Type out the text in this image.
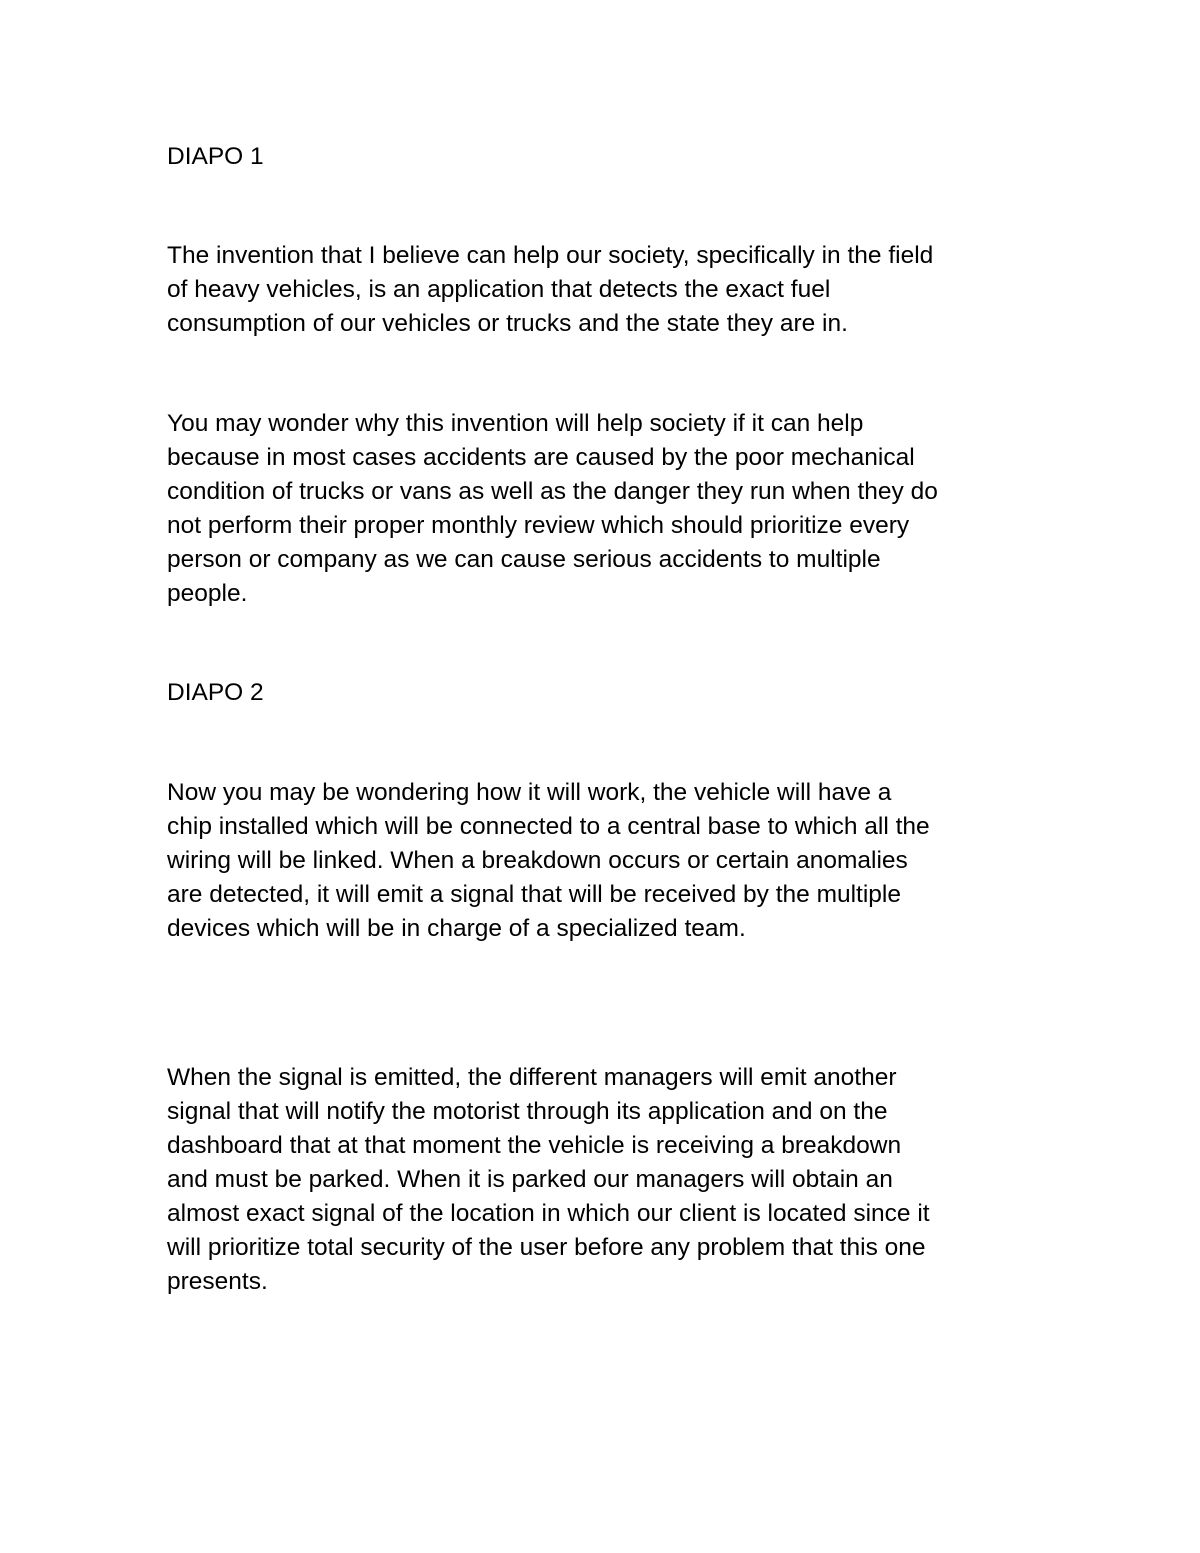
DIAPO 1
The invention that I believe can help our society, specifically in the field
of heavy vehicles, is an application that detects the exact fuel
consumption of our vehicles or trucks and the state they are in.
You may wonder why this invention will help society if it can help
because in most cases accidents are caused by the poor mechanical
condition of trucks or vans as well as the danger they run when they do
not perform their proper monthly review which should prioritize every
person or company as we can cause serious accidents to multiple
people.
DIAPO 2
Now you may be wondering how it will work, the vehicle will have a
chip installed which will be connected to a central base to which all the
wiring will be linked. When a breakdown occurs or certain anomalies
are detected, it will emit a signal that will be received by the multiple
devices which will be in charge of a specialized team.
When the signal is emitted, the different managers will emit another
signal that will notify the motorist through its application and on the
dashboard that at that moment the vehicle is receiving a breakdown
and must be parked. When it is parked our managers will obtain an
almost exact signal of the location in which our client is located since it
will prioritize total security of the user before any problem that this one
presents.
